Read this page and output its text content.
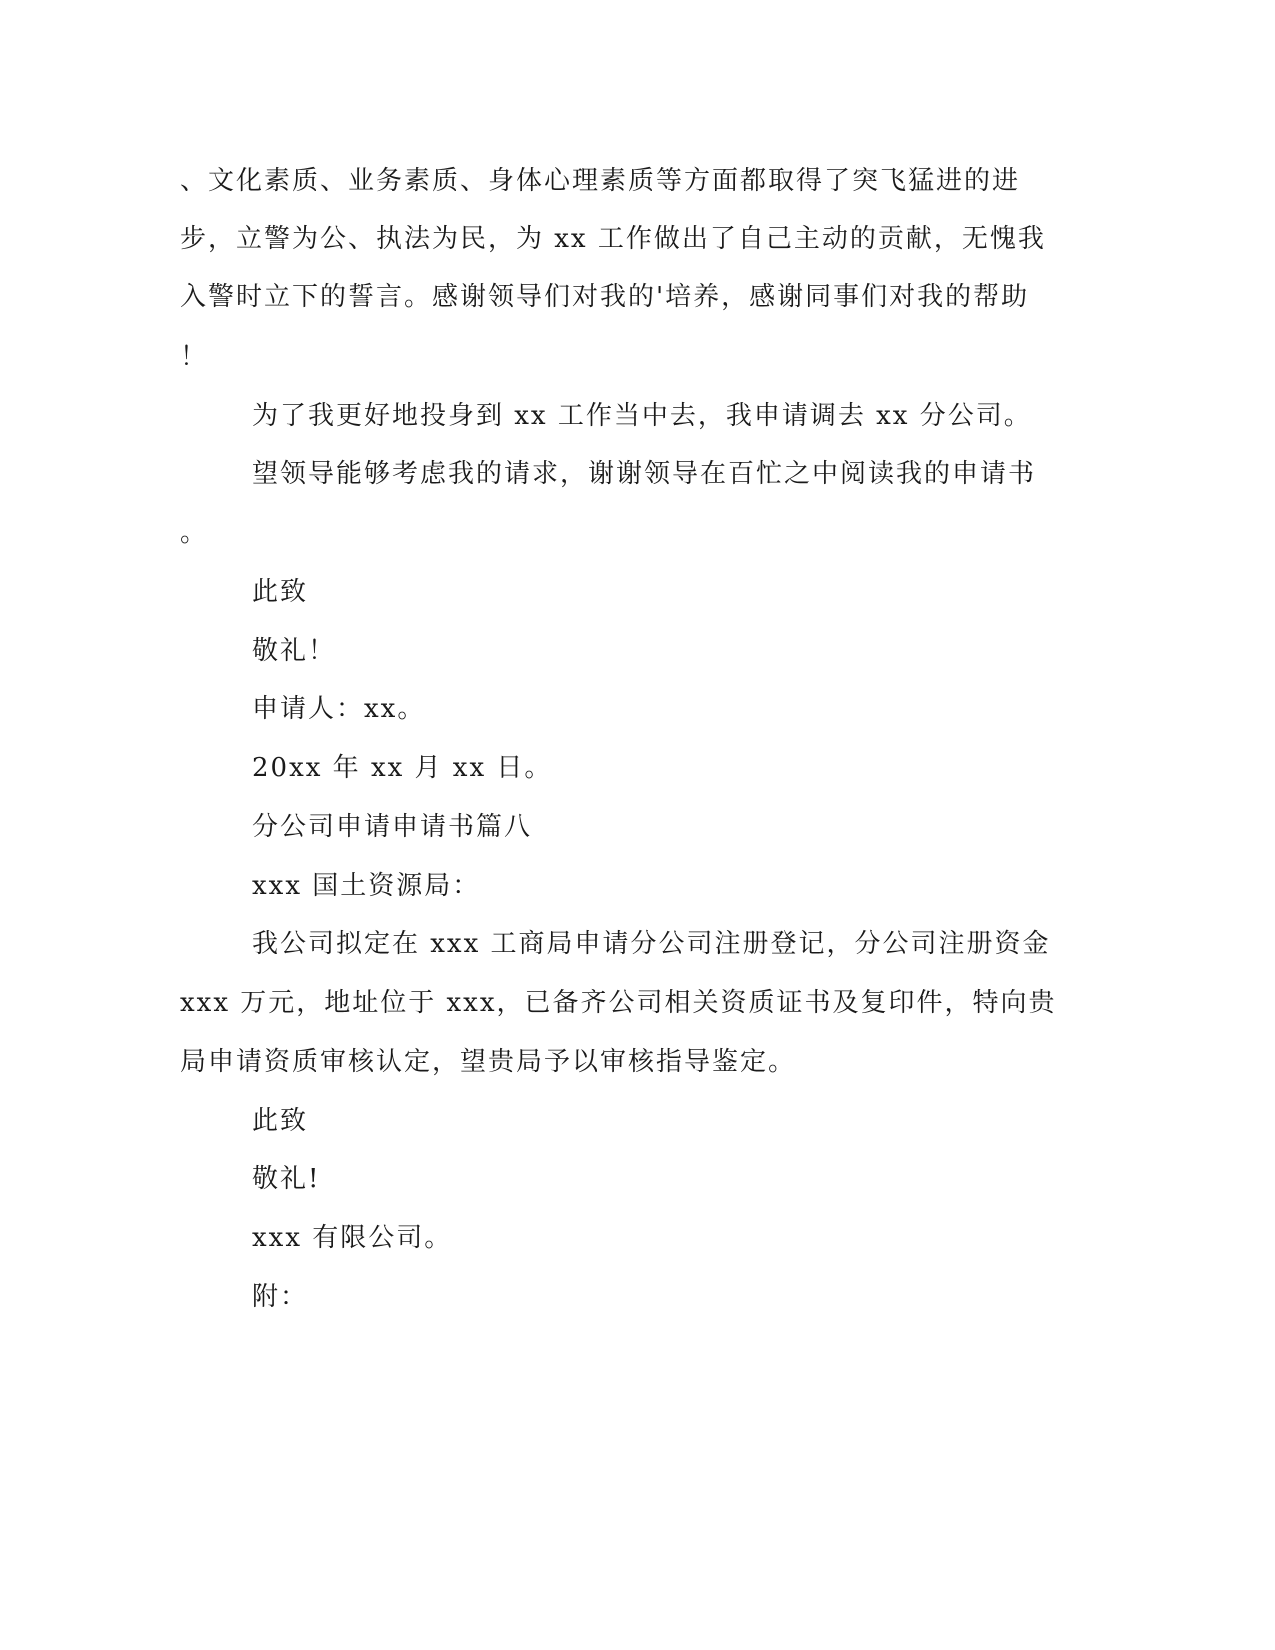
、文化素质、业务素质、身体心理素质等方面都取得了突飞猛进的进
步，立警为公、执法为民，为 xx 工作做出了自己主动的贡献，无愧我
入警时立下的誓言。感谢领导们对我的'培养，感谢同事们对我的帮助
！
为了我更好地投身到 xx 工作当中去，我申请调去 xx 分公司。
望领导能够考虑我的请求，谢谢领导在百忙之中阅读我的申请书
。
此致
敬礼！
申请人：xx。
20xx 年 xx 月 xx 日。
分公司申请申请书篇八
xxx 国土资源局：
我公司拟定在 xxx 工商局申请分公司注册登记，分公司注册资金
xxx 万元，地址位于 xxx，已备齐公司相关资质证书及复印件，特向贵
局申请资质审核认定，望贵局予以审核指导鉴定。
此致
敬礼!
xxx 有限公司。
附：
